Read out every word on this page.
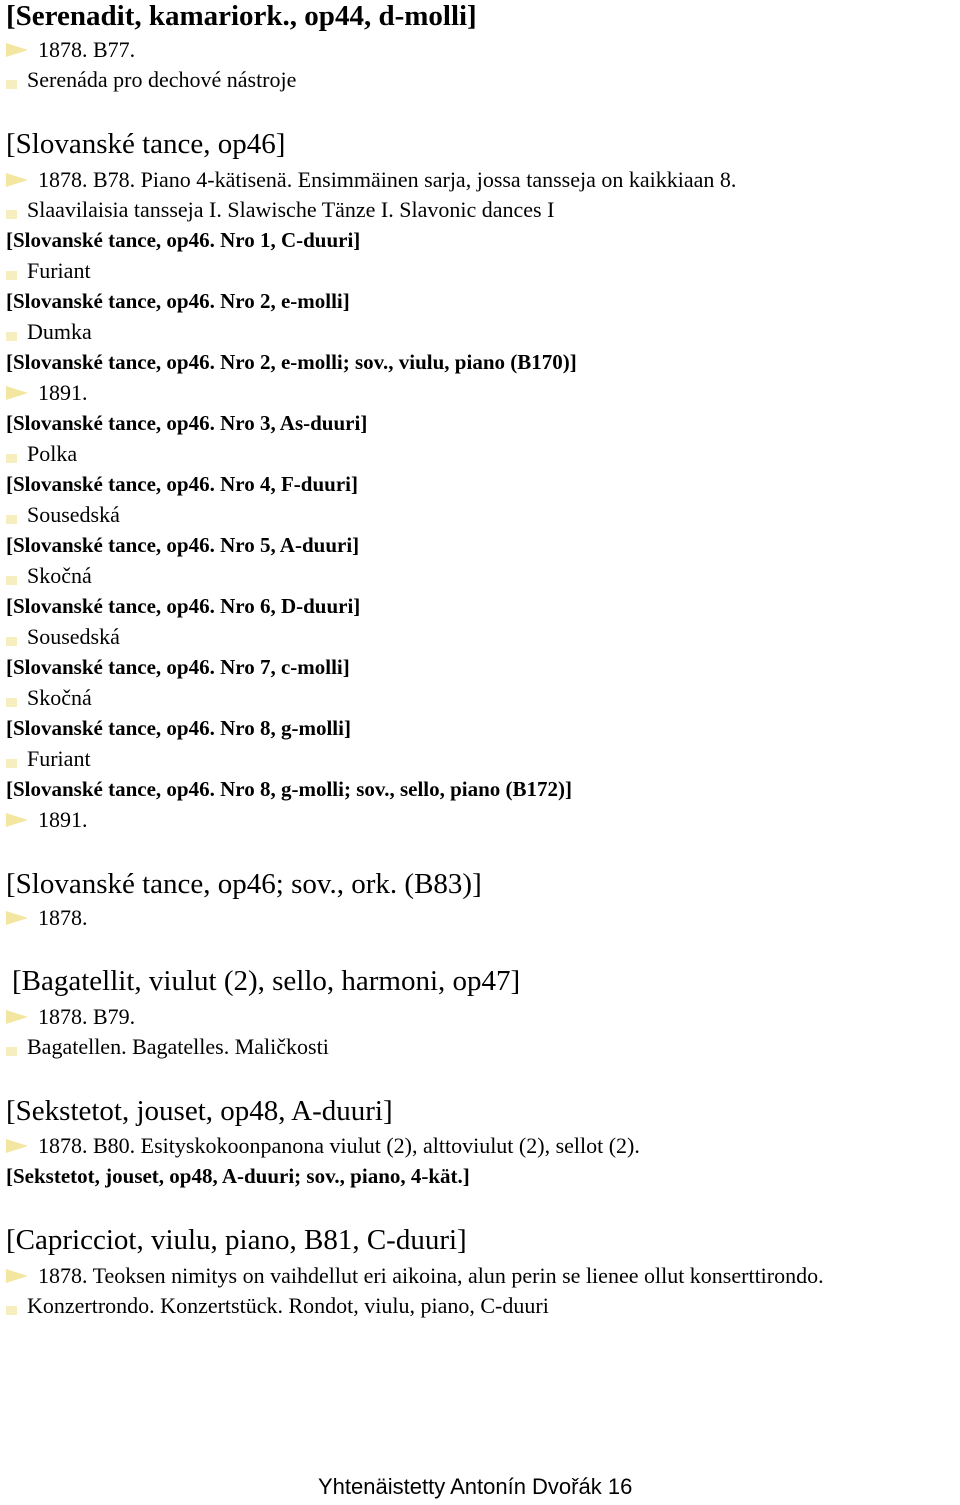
[Serenadit, kamariork., op44, d-molli]
1878. B77.
Serenáda pro dechové nástroje
[Slovanské tance, op46]
1878. B78. Piano 4-kätisenä. Ensimmäinen sarja, jossa tansseja on kaikkiaan 8.
Slaavilaisia tansseja I. Slawische Tänze I. Slavonic dances I
[Slovanské tance, op46. Nro 1, C-duuri]
Furiant
[Slovanské tance, op46. Nro 2, e-molli]
Dumka
[Slovanské tance, op46. Nro 2, e-molli; sov., viulu, piano (B170)]
1891.
[Slovanské tance, op46. Nro 3, As-duuri]
Polka
[Slovanské tance, op46. Nro 4, F-duuri]
Sousedská
[Slovanské tance, op46. Nro 5, A-duuri]
Skočná
[Slovanské tance, op46. Nro 6, D-duuri]
Sousedská
[Slovanské tance, op46. Nro 7, c-molli]
Skočná
[Slovanské tance, op46. Nro 8, g-molli]
Furiant
[Slovanské tance, op46. Nro 8, g-molli; sov., sello, piano (B172)]
1891.
[Slovanské tance, op46; sov., ork. (B83)]
1878.
[Bagatellit, viulut (2), sello, harmoni, op47]
1878. B79.
Bagatellen. Bagatelles. Maličkosti
[Sekstetot, jouset, op48, A-duuri]
1878. B80. Esityskokoonpanona viulut (2), alttoviulut (2), sellot (2).
[Sekstetot, jouset, op48, A-duuri; sov., piano, 4-kät.]
[Capricciot, viulu, piano, B81, C-duuri]
1878. Teoksen nimitys on vaihdellut eri aikoina, alun perin se lienee ollut konserttirondo.
Konzertrondo. Konzertstück. Rondot, viulu, piano, C-duuri
Yhtenäistetty Antonín Dvořák 16
